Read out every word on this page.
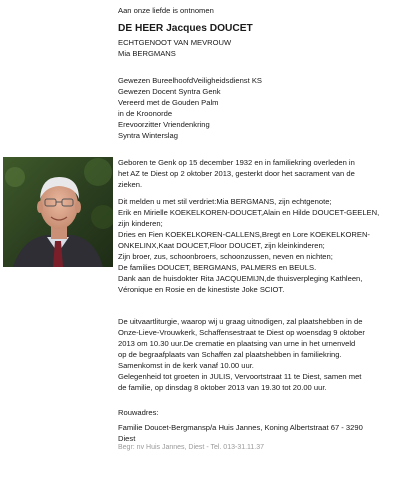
Aan onze liefde is ontnomen
DE HEER Jacques DOUCET
ECHTGENOOT VAN MEVROUW
Mia BERGMANS
Gewezen BureelhoofdVeiligheidsdienst KS
Gewezen Docent Syntra Genk
Vereerd met de Gouden Palm
in de Kroonorde
Erevoorzitter Vriendenkring
Syntra Winterslag
Geboren te Genk op 15 december 1932 en in familiekring overleden in
het AZ te Diest op 2 oktober 2013, gesterkt door het sacrament van de
zieken.
Dit melden u met stil verdriet:Mia BERGMANS, zijn echtgenote;
Erik en Mirielle KOEKELKOREN-DOUCET,Alain en Hilde DOUCET-GEELEN,
zijn kinderen;
Dries en Fien KOEKELKOREN-CALLENS,Bregt en Lore KOEKELKOREN-
ONKELINX,Kaat DOUCET,Floor DOUCET, zijn kleinkinderen;
Zijn broer, zus, schoonbroers, schoonzussen, neven en nichten;
De families DOUCET, BERGMANS, PALMERS en BEULS.
Dank aan de huisdokter Rita JACQUEMIJN,de thuisverpleging Kathleen,
Véronique en Rosie en de kinestiste Joke SCIOT.
De uitvaartliturgie, waarop wij u graag uitnodigen, zal plaatshebben in de
Onze-Lieve-Vrouwkerk, Schaffensestraat te Diest op woensdag 9 oktober
2013 om 10.30 uur.De crematie en plaatsing van urne in het urnenveld
op de begraafplaats van Schaffen zal plaatshebben in familiekring.
Samenkomst in de kerk vanaf 10.00 uur.
Gelegenheid tot groeten in JULIS, Vervoortstraat 11 te Diest, samen met
de familie, op dinsdag 8 oktober 2013 van 19.30 tot 20.00 uur.
Rouwadres:
Familie Doucet-Bergmansp/a Huis Jannes, Koning Albertstraat 67 - 3290
Diest
Begr: nv Huis Jannes, Diest - Tel. 013-31.11.37
